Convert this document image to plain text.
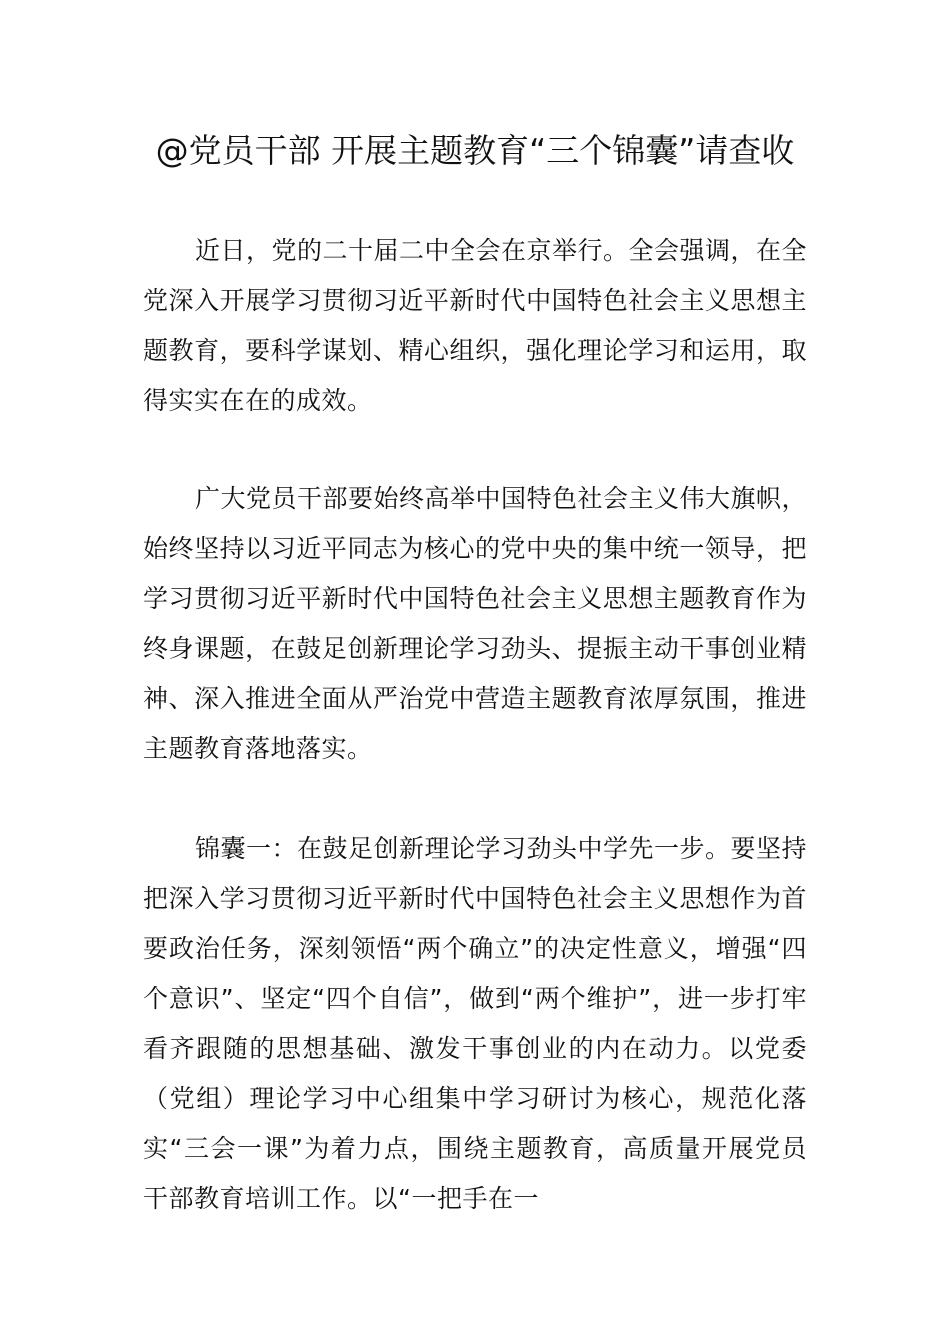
@党员干部 开展主题教育“三个锦囊”请查收

近日，党的二十届二中全会在京举行。全会强调，在全党深入开展学习贯彻习近平新时代中国特色社会主义思想主题教育，要科学谋划、精心组织，强化理论学习和运用，取得实实在在的成效。

广大党员干部要始终高举中国特色社会主义伟大旗帜，始终坚持以习近平同志为核心的党中央的集中统一领导，把学习贯彻习近平新时代中国特色社会主义思想主题教育作为终身课题，在鼓足创新理论学习劲头、提振主动干事创业精神、深入推进全面从严治党中营造主题教育浓厚氛围，推进主题教育落地落实。

锦囊一：在鼓足创新理论学习劲头中学先一步。要坚持把深入学习贯彻习近平新时代中国特色社会主义思想作为首要政治任务，深刻领悟“两个确立”的决定性意义，增强“四个意识”、坚定“四个自信”，做到“两个维护”，进一步打牢看齐跟随的思想基础、激发干事创业的内在动力。以党委（党组）理论学习中心组集中学习研讨为核心，规范化落实“三会一课”为着力点，围绕主题教育，高质量开展党员干部教育培训工作。以“一把手在一
